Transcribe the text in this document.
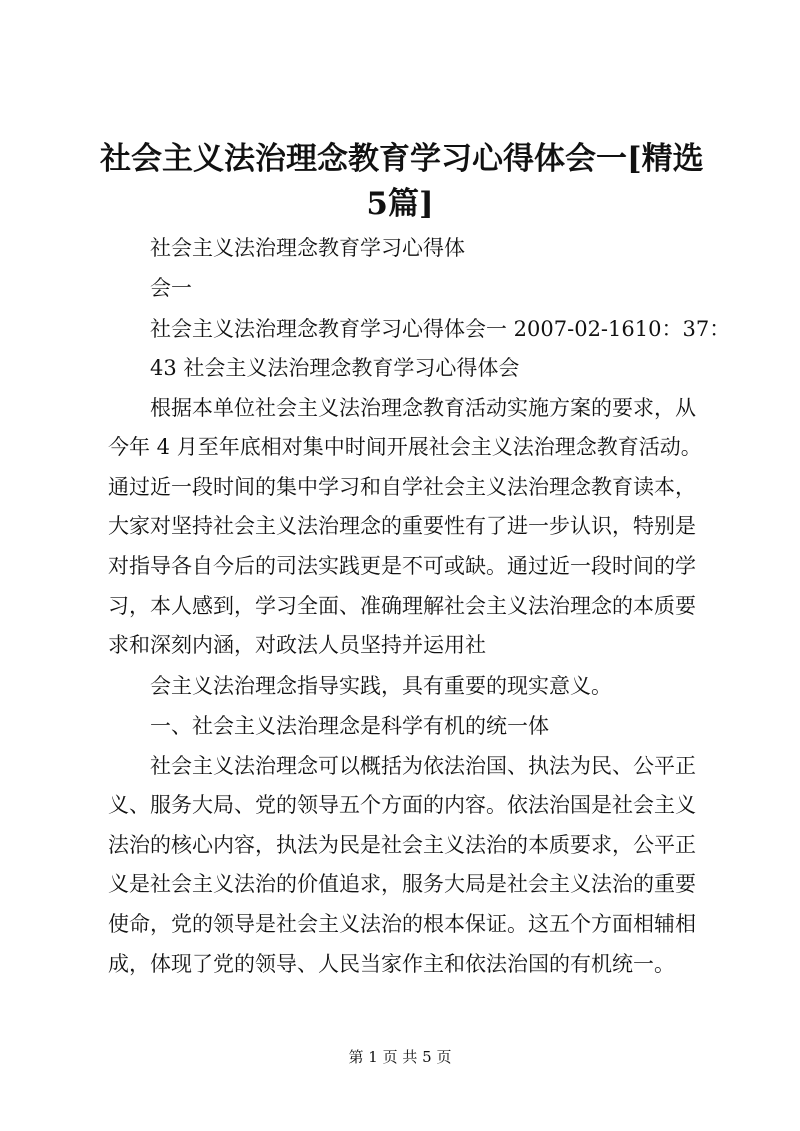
社会主义法治理念教育学习心得体会一[精选
5篇]

社会主义法治理念教育学习心得体

会一

社会主义法治理念教育学习心得体会一 2007-02-1610：37：

43 社会主义法治理念教育学习心得体会

根据本单位社会主义法治理念教育活动实施方案的要求，从

今年 4 月至年底相对集中时间开展社会主义法治理念教育活动。

通过近一段时间的集中学习和自学社会主义法治理念教育读本，

大家对坚持社会主义法治理念的重要性有了进一步认识，特别是

对指导各自今后的司法实践更是不可或缺。通过近一段时间的学

习，本人感到，学习全面、准确理解社会主义法治理念的本质要

求和深刻内涵，对政法人员坚持并运用社

会主义法治理念指导实践，具有重要的现实意义。

一、社会主义法治理念是科学有机的统一体

社会主义法治理念可以概括为依法治国、执法为民、公平正

义、服务大局、党的领导五个方面的内容。依法治国是社会主义

法治的核心内容，执法为民是社会主义法治的本质要求，公平正

义是社会主义法治的价值追求，服务大局是社会主义法治的重要

使命，党的领导是社会主义法治的根本保证。这五个方面相辅相

成，体现了党的领导、人民当家作主和依法治国的有机统一。

第 1 页 共 5 页
